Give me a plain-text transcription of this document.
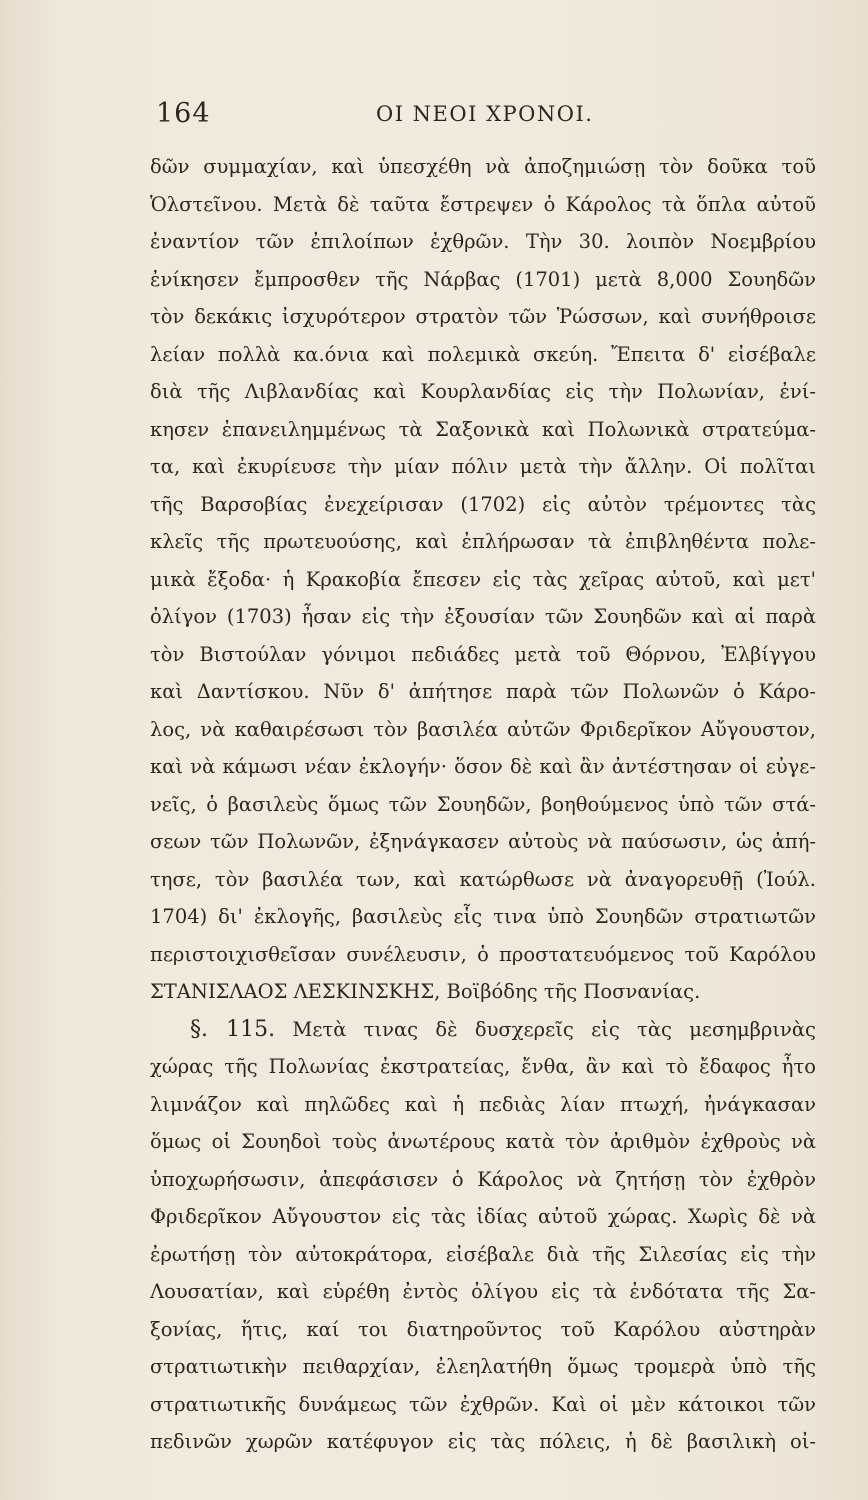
164	ΟΙ ΝΕΟΙ ΧΡΟΝΟΙ.
δῶν συμμαχίαν, καὶ ὑπεσχέθη νὰ ἀποζημιώσῃ τὸν δοῦκα τοῦ
Ὁλστεῖνου. Μετὰ δὲ ταῦτα ἔστρεψεν ὁ Κάρολος τὰ ὅπλα αὐτοῦ
ἐναντίον τῶν ἐπιλοίπων ἐχθρῶν. Τὴν 30. λοιπὸν Νοεμβρίου
ἐνίκησεν ἔμπροσθεν τῆς Νάρβας (1701) μετὰ 8,000 Σουηδῶν
τὸν δεκάκις ἰσχυρότερον στρατὸν τῶν Ῥώσσων, καὶ συνήθροισε
λείαν πολλὰ κα.όνια καὶ πολεμικὰ σκεύη. Ἔπειτα δ' εἰσέβαλε
διὰ τῆς Λιβλανδίας καὶ Κουρλανδίας εἰς τὴν Πολωνίαν, ἐνί-
κησεν ἐπανειλημμένως τὰ Σαξονικὰ καὶ Πολωνικὰ στρατεύμα-
τα, καὶ ἐκυρίευσε τὴν μίαν πόλιν μετὰ τὴν ἄλλην. Οἱ πολῖται
τῆς Βαρσοβίας ἐνεχείρισαν (1702) εἰς αὐτὸν τρέμοντες τὰς
κλεῖς τῆς πρωτευούσης, καὶ ἐπλήρωσαν τὰ ἐπιβληθέντα πολε-
μικὰ ἔξοδα· ἡ Κρακοβία ἔπεσεν εἰς τὰς χεῖρας αὐτοῦ, καὶ μετ'
ὀλίγον (1703) ἦσαν εἰς τὴν ἐξουσίαν τῶν Σουηδῶν καὶ αἱ παρὰ
τὸν Βιστούλαν γόνιμοι πεδιάδες μετὰ τοῦ Θόρνου, Ἐλβίγγου
καὶ Δαντίσκου. Νῦν δ' ἀπήτησε παρὰ τῶν Πολωνῶν ὁ Κάρο-
λος, νὰ καθαιρέσωσι τὸν βασιλέα αὐτῶν Φριδερῖκον Αὔγουστον,
καὶ νὰ κάμωσι νέαν ἐκλογήν· ὅσον δὲ καὶ ἂν ἀντέστησαν οἱ εὐγε-
νεῖς, ὁ βασιλεὺς ὅμως τῶν Σουηδῶν, βοηθούμενος ὑπὸ τῶν στά-
σεων τῶν Πολωνῶν, ἐξηνάγκασεν αὐτοὺς νὰ παύσωσιν, ὡς ἀπή-
τησε, τὸν βασιλέα των, καὶ κατώρθωσε νὰ ἀναγορευθῇ (Ἰούλ.
1704) δι' ἐκλογῆς, βασιλεὺς εἷς τινα ὑπὸ Σουηδῶν στρατιωτῶν
περιστοιχισθεῖσαν συνέλευσιν, ὁ προστατευόμενος τοῦ Καρόλου
ΣΤΑΝΙΣΛΑΟΣ ΛΕΣΚΙΝΣΚΗΣ, Βοϊβόδης τῆς Ποσνανίας.
§. 115. Μετὰ τινας δὲ δυσχερεῖς εἰς τὰς μεσημβρινὰς
χώρας τῆς Πολωνίας ἐκστρατείας, ἔνθα, ἂν καὶ τὸ ἔδαφος ἦτο
λιμνάζον καὶ πηλῶδες καὶ ἡ πεδιὰς λίαν πτωχή, ἠνάγκασαν
ὅμως οἱ Σουηδοὶ τοὺς ἀνωτέρους κατὰ τὸν ἀριθμὸν ἐχθροὺς νὰ
ὑποχωρήσωσιν, ἀπεφάσισεν ὁ Κάρολος νὰ ζητήσῃ τὸν ἐχθρὸν
Φριδερῖκον Αὔγουστον εἰς τὰς ἰδίας αὐτοῦ χώρας. Χωρὶς δὲ νὰ
ἐρωτήσῃ τὸν αὐτοκράτορα, εἰσέβαλε διὰ τῆς Σιλεσίας εἰς τὴν
Λουσατίαν, καὶ εὑρέθη ἐντὸς ὀλίγου εἰς τὰ ἐνδότατα τῆς Σα-
ξονίας, ἥτις, καί τοι διατηροῦντος τοῦ Καρόλου αὐστηρὰν
στρατιωτικὴν πειθαρχίαν, ἐλεηλατήθη ὅμως τρομερὰ ὑπὸ τῆς
στρατιωτικῆς δυνάμεως τῶν ἐχθρῶν. Καὶ οἱ μὲν κάτοικοι τῶν
πεδινῶν χωρῶν κατέφυγον εἰς τὰς πόλεις, ἡ δὲ βασιλικὴ οἰ-
